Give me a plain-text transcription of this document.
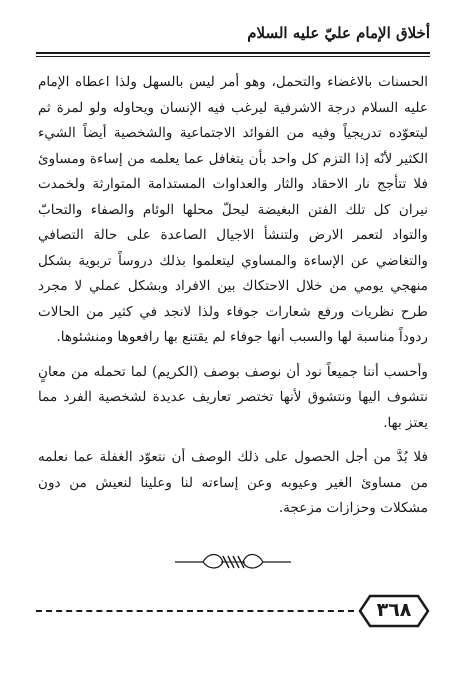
أخلاق الإمام عليّ عليه السلام

الحسنات بالاغضاء والتحمل، وهو أمر ليس بالسهل ولذا اعطاه الإمام عليه السلام درجة الاشرفية ليرغب فيه الإنسان ويحاوله ولو لمرة ثم ليتعوّده تدريجياً وفيه من الفوائد الاجتماعية والشخصية أيضاً الشيء الكثير لأنّه إذا التزم كل واحد بأن يتغافل عما يعلمه من إساءة ومساوئ فلا تتأجج نار الاحقاد والثار والعداوات المستدامة المتوارثة ولخمدت نيران كل تلك الفتن البغيضة ليحلّ محلها الوئام والصفاء والتحابّ والتواد لتعمر الارض ولتنشأ الاجيال الصاعدة على حالة التصافي والتغاضي عن الإساءة والمساوي ليتعلموا بذلك دروساً تربوية بشكل منهجي يومي من خلال الاحتكاك بين الافراد وبشكل عملي لا مجرد طرح نظريات ورفع شعارات جوفاء ولذا لانجد في كثير من الحالات ردوداً مناسبة لها والسبب أنها جوفاء لم يقتنع بها رافعوها ومنشئوها.

وأحسب أننا جميعاً نود أن نوصف بوصف (الكريم) لما تحمله من معانٍ نتشوف اليها ونتشوق لأنها تختصر تعاريف عديدة لشخصية الفرد مما يعتز بها.

فلا بُدَّ من أجل الحصول على ذلك الوصف أن نتعوّد الغفلة عما نعلمه من مساوئ الغير وعيوبه وعن إساءته لنا وعلينا لنعيش من دون مشكلات وحزازات مزعجة.

٣٦٨
